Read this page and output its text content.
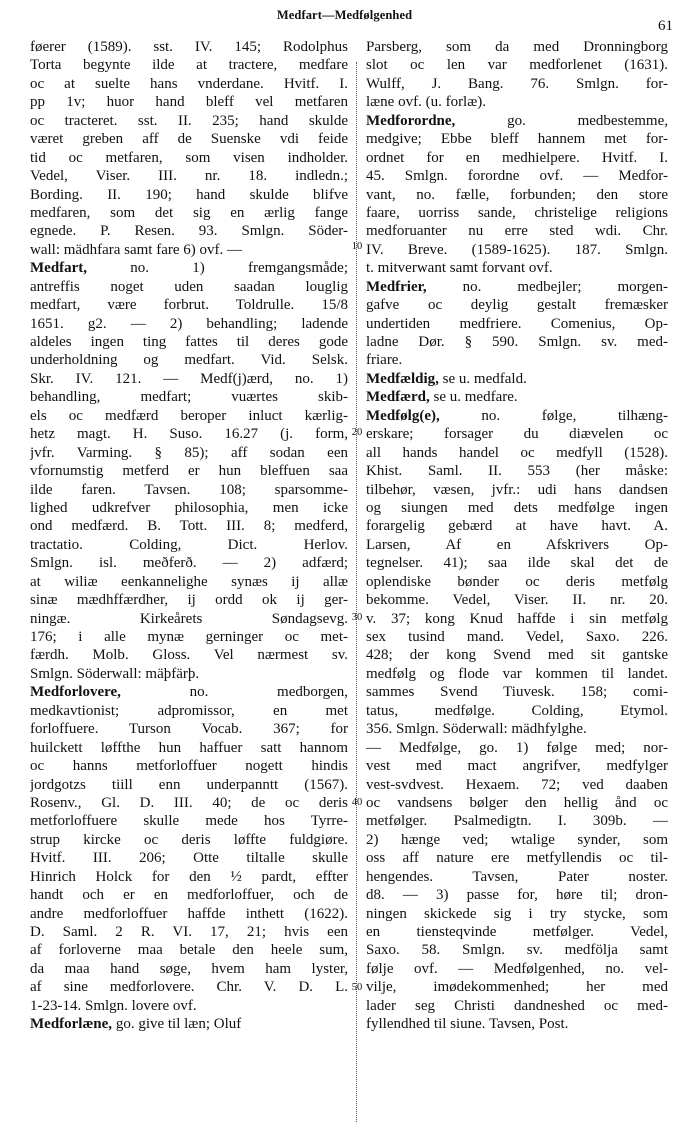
Medfart—Medfølgenhed
61
føerer (1589). sst. IV. 145; Rodolphus
Torta begynte ilde at tractere, medfare
oc at suelte hans vnderdane. Hvitf. I.
pp 1v; huor hand bleff vel metfaren
oc tracteret. sst. II. 235; hand skulde
været greben aff de Suenske vdi feide
tid oc metfaren, som visen indholder.
Vedel, Viser. III. nr. 18. indledn.;
Bording. II. 190; hand skulde blifve
medfaren, som det sig en ærlig fange
egnede. P. Resen. 93. Smlgn. Söder-
wall: mädhfara samt fare 6) ovf. —
Medfart, no. 1) fremgangsmåde;
antreffis noget uden saadan louglig
medfart, være forbrut. Toldrulle. 15/8
1651. g2. — 2) behandling; ladende
aldeles ingen ting fattes til deres gode
underholdning og medfart. Vid. Selsk.
Skr. IV. 121. — Medf(j)ærd, no. 1)
behandling, medfart; vuærtes skib-
els oc medfærd beroper inluct kærlig-
hetz magt. H. Suso. 16.27 (j. form,
jvfr. Varming. § 85); aff sodan een
vfornumstig metferd er hun bleffuen saa
ilde faren. Tavsen. 108; sparsomme-
lighed udkrefver philosophia, men icke
ond medfærd. B. Tott. III. 8; medferd,
tractatio. Colding, Dict. Herlov.
Smlgn. isl. meðferð. — 2) adfærd;
at wiliæ eenkannelighe synæs ij allæ
sinæ mædhffærdher, ij ordd ok ij ger-
ningæ. Kirkeårets Søndagsevg.
176; i alle mynæ gerninger oc met-
færdh. Molb. Gloss. Vel nærmest sv.
Smlgn. Söderwall: mäþfärþ.
Medforlovere, no. medborgen,
medkavtionist; adpromissor, en met
forloffuere. Turson Vocab. 367; for
huilckett løffthe hun haffuer satt hannom
oc hanns metforloffuer nogett hindis
jordgotzs tiill enn underpanntt (1567).
Rosenv., Gl. D. III. 40; de oc deris
metforloffuere skulle mede hos Tyrre-
strup kircke oc deris løffte fuldgiøre.
Hvitf. III. 206; Otte tiltalle skulle
Hinrich Holck for den ½ pardt, effter
handt och er en medforloffuer, och de
andre medforloffuer haffde inthett (1622).
D. Saml. 2 R. VI. 17, 21; hvis een
af forloverne maa betale den heele sum,
da maa hand søge, hvem ham lyster,
af sine medforlovere. Chr. V. D. L.
1-23-14. Smlgn. lovere ovf.
Medforlæne, go. give til læn; Oluf
Parsberg, som da med Dronningborg
slot oc len var medforlenet (1631).
Wulff, J. Bang. 76. Smlgn. for-
læne ovf. (u. forlæ).
Medforordne, go. medbestemme,
medgive; Ebbe bleff hannem met for-
ordnet for en medhielpere. Hvitf. I.
45. Smlgn. forordne ovf. — Medfor-
vant, no. fælle, forbunden; den store
faare, uorriss sande, christelige religions
medforuanter nu erre sted wdi. Chr.
IV. Breve. (1589-1625). 187. Smlgn.
t. mitverwant samt forvant ovf.
Medfrier, no. medbejler; morgen-
gafve oc deylig gestalt fremæsker
undertiden medfriere. Comenius, Op-
ladne Dør. § 590. Smlgn. sv. med-
friare.
Medfældig, se u. medfald.
Medfærd, se u. medfare.
Medfølg(e), no. følge, tilhæng-
erskare; forsager du diævelen oc
all hands handel oc medfyll (1528).
Khist. Saml. II. 553 (her måske:
tilbehør, væsen, jvfr.: udi hans dandsen
og siungen med dets medfølge ingen
forargelig gebærd at have havt. A.
Larsen, Af en Afskrivers Op-
tegnelser. 41); saa ilde skal det de
oplendiske bønder oc deris metfølg
bekomme. Vedel, Viser. II. nr. 20.
v. 37; kong Knud haffde i sin metfølg
sex tusind mand. Vedel, Saxo. 226.
428; der kong Svend med sit gantske
medfølg og flode var kommen til landet.
sammes Svend Tiuvesk. 158; comi-
tatus, medfølge. Colding, Etymol.
356. Smlgn. Söderwall: mädhfylghe.
— Medfølge, go. 1) følge med; nor-
vest med mact angrifver, medfylger
vest-svdvest. Hexaem. 72; ved daaben
oc vandsens bølger den hellig ånd oc
metfølger. Psalmedigtn. I. 309b. —
2) hænge ved; wtalige synder, som
oss aff nature ere metfyllendis oc til-
hengendes. Tavsen, Pater noster.
d8. — 3) passe for, høre til; dron-
ningen skickede sig i try stycke, som
en tiensteqvinde metfølger. Vedel,
Saxo. 58. Smlgn. sv. medfölja samt
følje ovf. — Medfølgenhed, no. vel-
vilje, imødekommenhed; her med
lader seg Christi dandneshed oc med-
fyllendhed til siune. Tavsen, Post.
10
20
30
40
50
